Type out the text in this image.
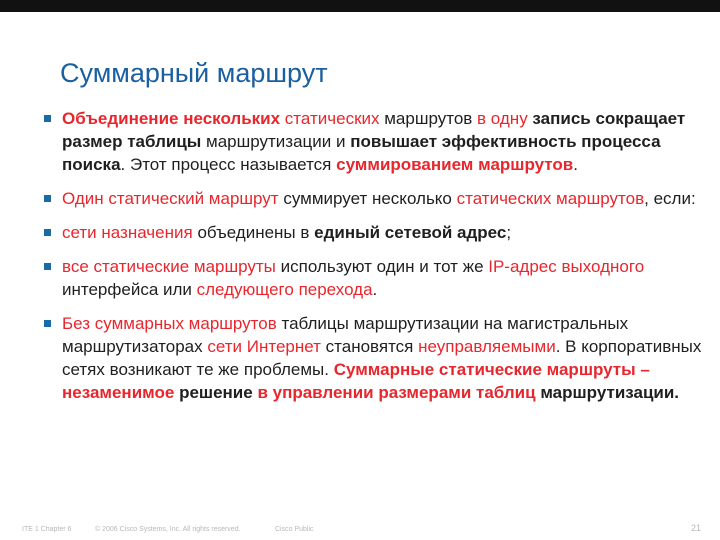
Суммарный маршрут
Объединение нескольких статических маршрутов в одну запись сокращает размер таблицы маршрутизации и повышает эффективность процесса поиска. Этот процесс называется суммированием маршрутов.
Один статический маршрут суммирует несколько статических маршрутов, если:
сети назначения объединены в единый сетевой адрес;
все статические маршруты используют один и тот же IP-адрес выходного интерфейса или следующего перехода.
Без суммарных маршрутов таблицы маршрутизации на магистральных маршрутизаторах сети Интернет становятся неуправляемыми. В корпоративных сетях возникают те же проблемы. Суммарные статические маршруты – незаменимое решение в управлении размерами таблиц маршрутизации.
ITE 1 Chapter 6	© 2006 Cisco Systems, Inc. All rights reserved.	Cisco Public	21
